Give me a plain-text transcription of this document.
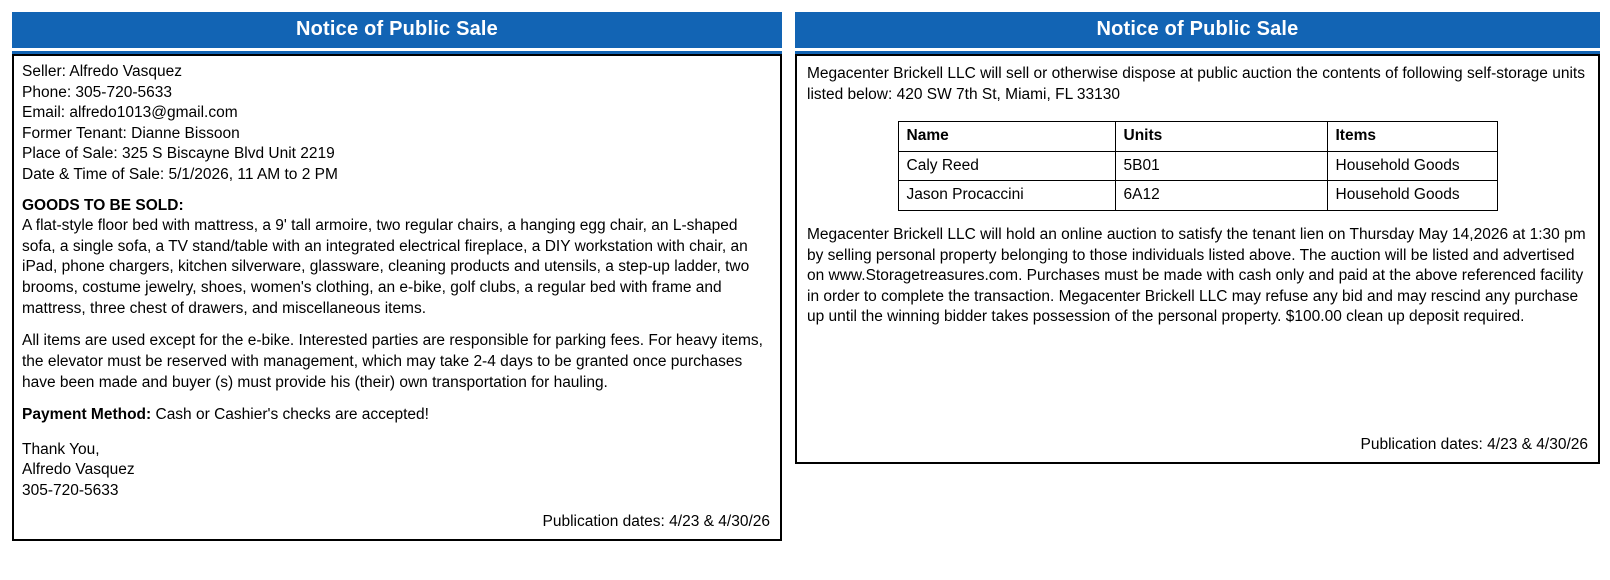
Notice of Public Sale
Seller: Alfredo Vasquez
Phone: 305-720-5633
Email: alfredo1013@gmail.com
Former Tenant: Dianne Bissoon
Place of Sale: 325 S Biscayne Blvd Unit 2219
Date & Time of Sale: 5/1/2026, 11 AM to 2 PM
GOODS TO BE SOLD:

A flat-style floor bed with mattress, a 9' tall armoire, two regular chairs, a hanging egg chair, an L-shaped sofa, a single sofa, a TV stand/table with an integrated electrical fireplace, a DIY workstation with chair, an iPad, phone chargers, kitchen silverware, glassware, cleaning products and utensils, a step-up ladder, two brooms, costume jewelry, shoes, women's clothing, an e-bike, golf clubs, a regular bed with frame and mattress, three chest of drawers, and miscellaneous items.

All items are used except for the e-bike. Interested parties are responsible for parking fees. For heavy items, the elevator must be reserved with management, which may take 2-4 days to be granted once purchases have been made and buyer (s) must provide his (their) own transportation for hauling.

Payment Method: Cash or Cashier's checks are accepted!

Thank You,
Alfredo Vasquez
305-720-5633
Publication dates: 4/23 & 4/30/26
Notice of Public Sale

Megacenter Brickell LLC will sell or otherwise dispose at public auction the contents of following self-storage units listed below: 420 SW 7th St, Miami, FL 33130

Name	Units	Items
Caly Reed	5B01	Household Goods
Jason Procaccini	6A12	Household Goods

Megacenter Brickell LLC will hold an online auction to satisfy the tenant lien on Thursday May 14,2026 at 1:30 pm by selling personal property belonging to those individuals listed above. The auction will be listed and advertised on www.Storagetreasures.com. Purchases must be made with cash only and paid at the above referenced facility in order to complete the transaction. Megacenter Brickell LLC may refuse any bid and may rescind any purchase up until the winning bidder takes possession of the personal property. $100.00 clean up deposit required.

Publication dates: 4/23 & 4/30/26
